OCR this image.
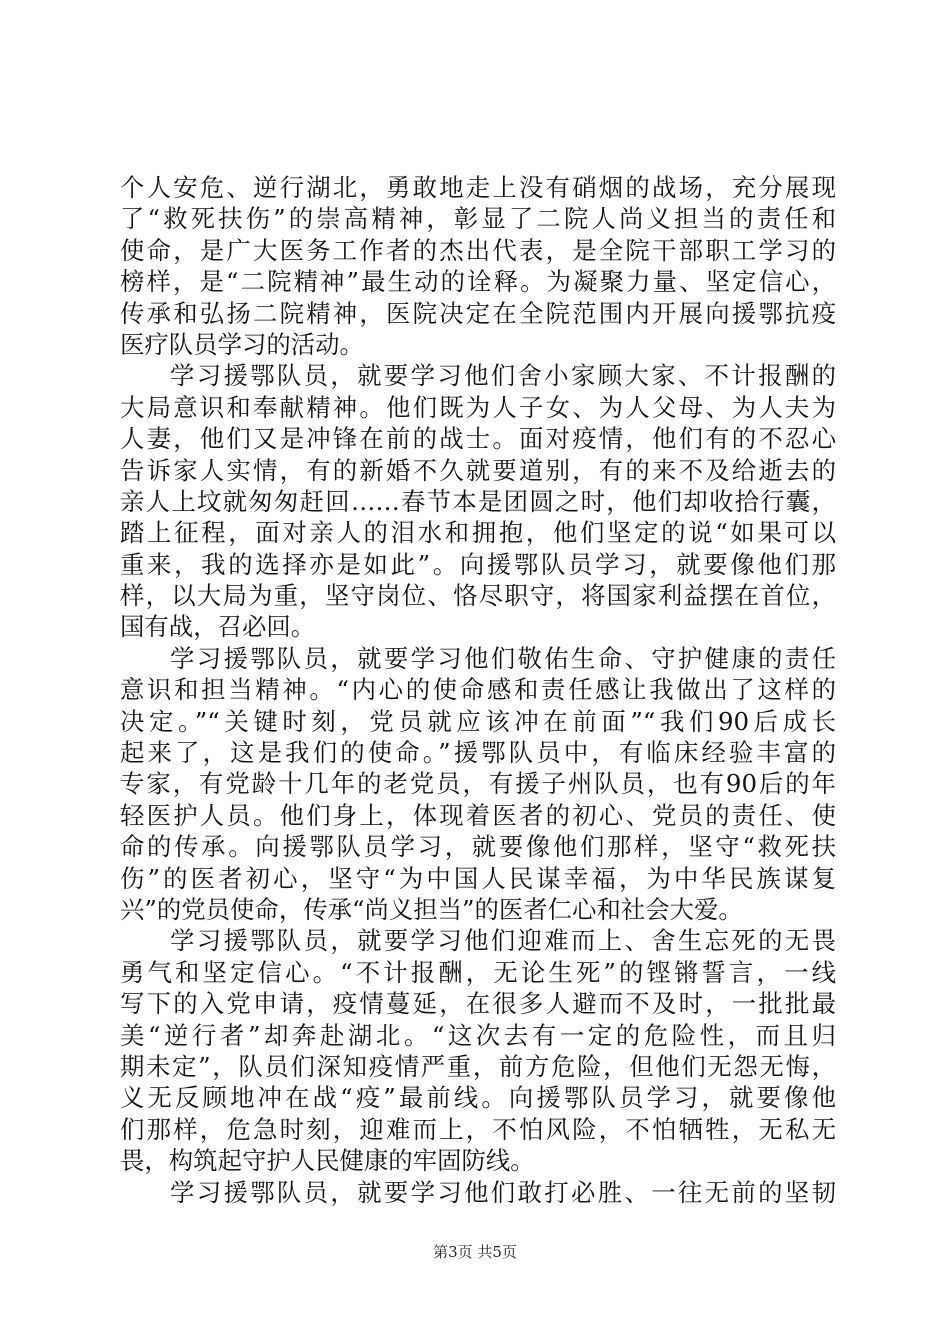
个人安危、逆行湖北，勇敢地走上没有硝烟的战场，充分展现
了“救死扶伤”的崇高精神，彰显了二院人尚义担当的责任和
使命，是广大医务工作者的杰出代表，是全院干部职工学习的
榜样，是“二院精神”最生动的诠释。为凝聚力量、坚定信心，
传承和弘扬二院精神，医院决定在全院范围内开展向援鄂抗疫
医疗队员学习的活动。
学习援鄂队员，就要学习他们舍小家顾大家、不计报酬的
大局意识和奉献精神。他们既为人子女、为人父母、为人夫为
人妻，他们又是冲锋在前的战士。面对疫情，他们有的不忍心
告诉家人实情，有的新婚不久就要道别，有的来不及给逝去的
亲人上坟就匆匆赶回……春节本是团圆之时，他们却收拾行囊，
踏上征程，面对亲人的泪水和拥抱，他们坚定的说“如果可以
重来，我的选择亦是如此”。向援鄂队员学习，就要像他们那
样，以大局为重，坚守岗位、恪尽职守，将国家利益摆在首位，
国有战，召必回。
学习援鄂队员，就要学习他们敬佑生命、守护健康的责任
意识和担当精神。“内心的使命感和责任感让我做出了这样的
决定。”“关键时刻，党员就应该冲在前面”“我们90后成长
起来了，这是我们的使命。”援鄂队员中，有临床经验丰富的
专家，有党龄十几年的老党员，有援子州队员，也有90后的年
轻医护人员。他们身上，体现着医者的初心、党员的责任、使
命的传承。向援鄂队员学习，就要像他们那样，坚守“救死扶
伤”的医者初心，坚守“为中国人民谋幸福，为中华民族谋复
兴”的党员使命，传承“尚义担当”的医者仁心和社会大爱。
学习援鄂队员，就要学习他们迎难而上、舍生忘死的无畏
勇气和坚定信心。“不计报酬，无论生死”的铿锵誓言，一线
写下的入党申请，疫情蔓延，在很多人避而不及时，一批批最
美“逆行者”却奔赴湖北。“这次去有一定的危险性，而且归
期未定”，队员们深知疫情严重，前方危险，但他们无怨无悔，
义无反顾地冲在战“疫”最前线。向援鄂队员学习，就要像他
们那样，危急时刻，迎难而上，不怕风险，不怕牺牲，无私无
畏，构筑起守护人民健康的牢固防线。
学习援鄂队员，就要学习他们敢打必胜、一往无前的坚韧
第3页 共5页
